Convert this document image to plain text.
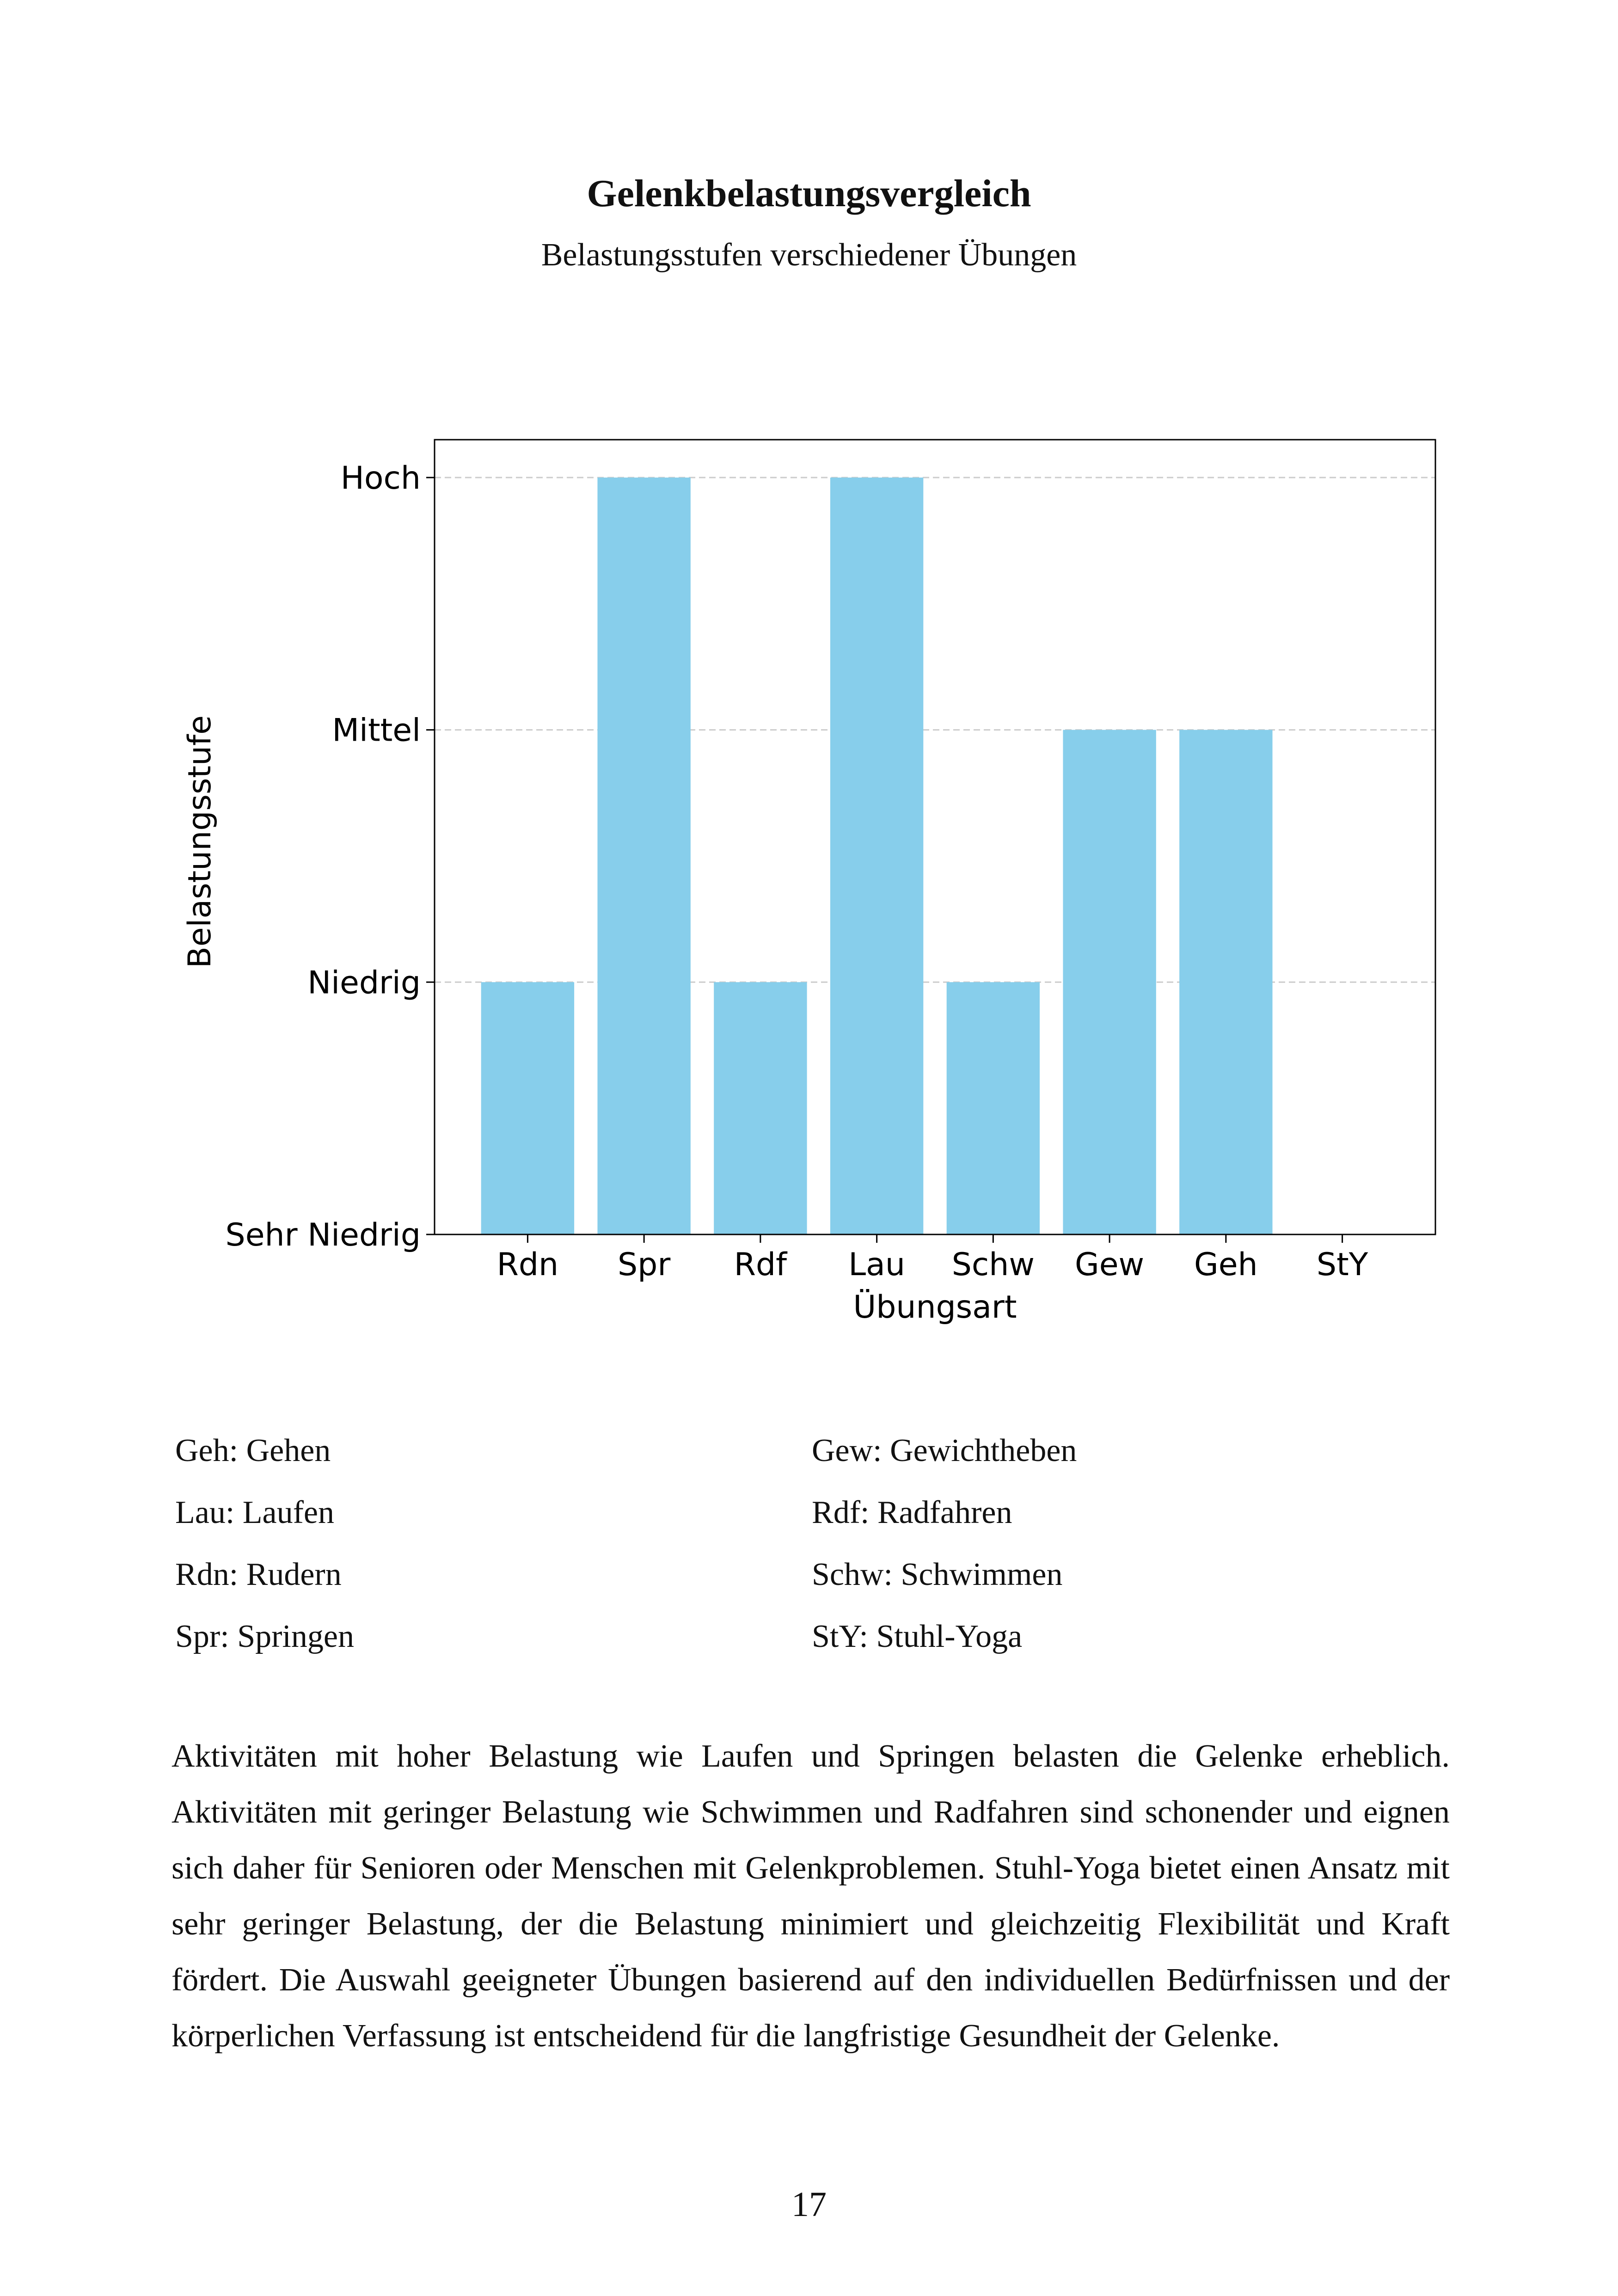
Gelenkbelastungsvergleich
Belastungsstufen verschiedener Übungen
Sehr Niedrig
Niedrig
Mittel
Hoch
Rdn Spr Rdf Lau Schw Gew Geh StY
Übungsart
Belastungsstufe
Geh: Gehen	Gew: Gewichtheben
Lau: Laufen	Rdf: Radfahren
Rdn: Rudern	Schw: Schwimmen
Spr: Springen	StY: Stuhl-Yoga
Aktivitäten mit hoher Belastung wie Laufen und Springen belasten die Gelenke erheblich. Aktivitäten mit geringer Belastung wie Schwimmen und Radfahren sind schonender und eignen sich daher für Senioren oder Menschen mit Gelenkproblemen. Stuhl-Yoga bietet einen Ansatz mit sehr geringer Belastung, der die Belastung minimiert und gleichzeitig Flexibilität und Kraft fördert. Die Auswahl geeigneter Übungen basierend auf den individuellen Bedürfnissen und der körperlichen Verfassung ist entscheidend für die langfristige Gesundheit der Gelenke.
17
